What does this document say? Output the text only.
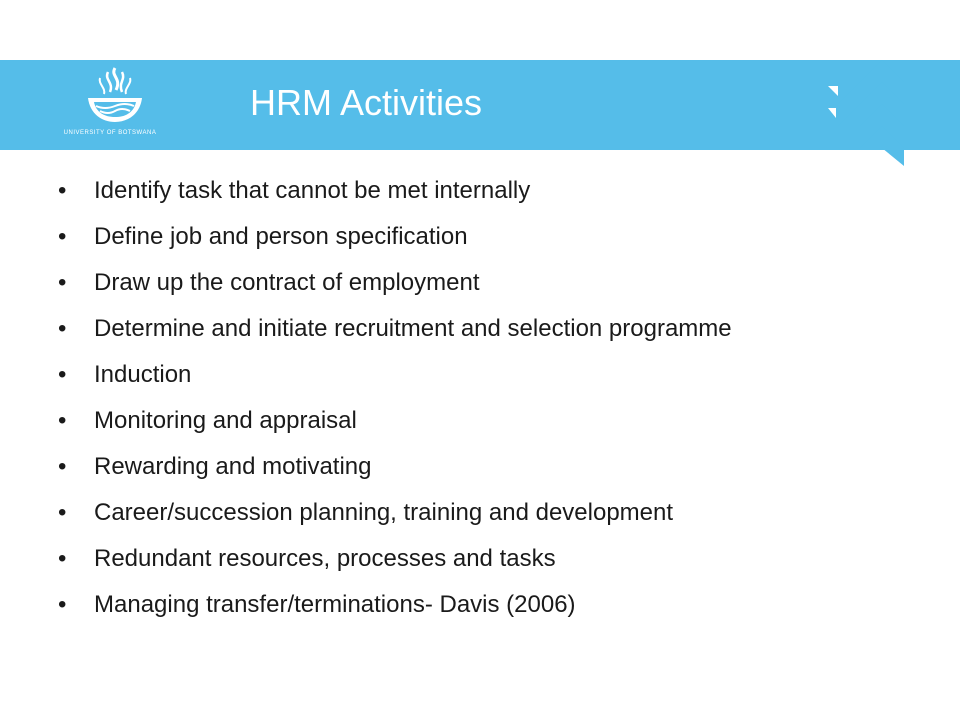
UNIVERSITY OF BOTSWANA
HRM Activities
• Identify task that cannot be met internally
• Define job and person specification
• Draw up the contract of employment
• Determine and initiate recruitment and selection programme
• Induction
• Monitoring and appraisal
• Rewarding and motivating
• Career/succession planning, training and development
• Redundant resources, processes and tasks
• Managing transfer/terminations- Davis (2006)
